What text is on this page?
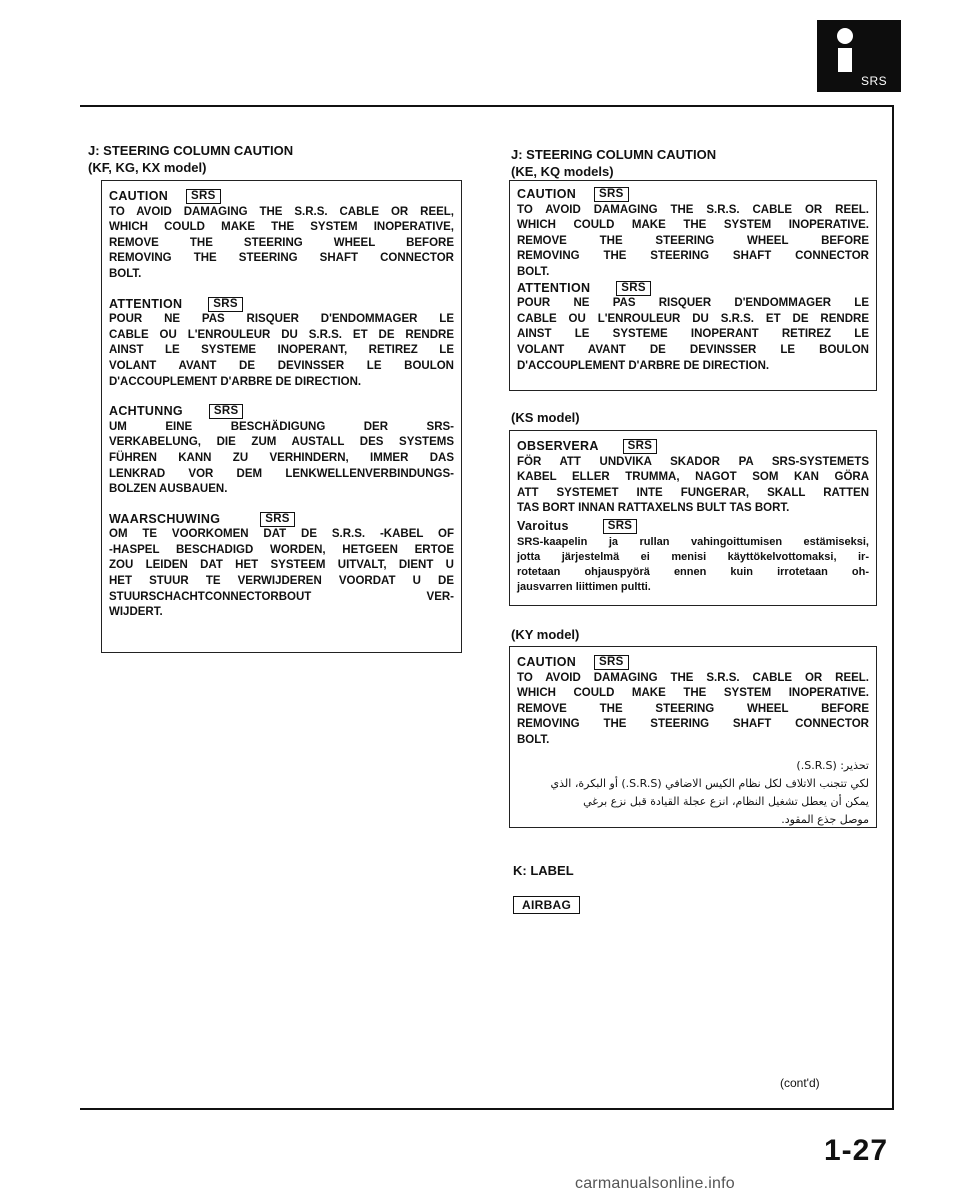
SRS
J: STEERING COLUMN CAUTION
(KF, KG, KX model)
CAUTION	SRS

TO AVOID DAMAGING THE S.R.S. CABLE OR REEL,

WHICH COULD MAKE THE SYSTEM INOPERATIVE,

REMOVE THE STEERING WHEEL BEFORE

REMOVING THE STEERING SHAFT CONNECTOR

BOLT.

ATTENTION	SRS

POUR NE PAS RISQUER D'ENDOMMAGER LE

CABLE OU L'ENROULEUR DU S.R.S. ET DE RENDRE

AINST LE SYSTEME INOPERANT, RETIREZ LE

VOLANT AVANT DE DEVINSSER LE BOULON

D'ACCOUPLEMENT D'ARBRE DE DIRECTION.

ACHTUNNG	SRS

UM EINE BESCHÄDIGUNG DER SRS-

VERKABELUNG, DIE ZUM AUSTALL DES SYSTEMS

FÜHREN KANN ZU VERHINDERN, IMMER DAS

LENKRAD VOR DEM LENKWELLENVERBINDUNGS-

BOLZEN AUSBAUEN.

WAARSCHUWING	SRS

OM TE VOORKOMEN DAT DE S.R.S. -KABEL OF

-HASPEL BESCHADIGD WORDEN, HETGEEN ERTOE

ZOU LEIDEN DAT HET SYSTEEM UITVALT, DIENT U

HET STUUR TE VERWIJDEREN VOORDAT U DE

STUURSCHACHTCONNECTORBOUT VER-

WIJDERT.

J: STEERING COLUMN CAUTION
(KE, KQ models)
CAUTION	SRS

TO AVOID DAMAGING THE S.R.S. CABLE OR REEL.

WHICH COULD MAKE THE SYSTEM INOPERATIVE.

REMOVE THE STEERING WHEEL BEFORE

REMOVING THE STEERING SHAFT CONNECTOR

BOLT.

ATTENTION	SRS

POUR NE PAS RISQUER D'ENDOMMAGER LE

CABLE OU L'ENROULEUR DU S.R.S. ET DE RENDRE

AINST LE SYSTEME INOPERANT RETIREZ LE

VOLANT AVANT DE DEVINSSER LE BOULON

D'ACCOUPLEMENT D'ARBRE DE DIRECTION.

(KS model)
OBSERVERA	SRS

FÖR ATT UNDVIKA SKADOR PA SRS-SYSTEMETS

KABEL ELLER TRUMMA, NAGOT SOM KAN GÖRA

ATT SYSTEMET INTE FUNGERAR, SKALL RATTEN

TAS BORT INNAN RATTAXELNS BULT TAS BORT.

Varoitus	SRS

SRS-kaapelin ja rullan vahingoittumisen estämiseksi,

jotta järjestelmä ei menisi käyttökelvottomaksi, ir-

rotetaan ohjauspyörä ennen kuin irrotetaan oh-

jausvarren liittimen pultti.

(KY model)
CAUTION	SRS

TO AVOID DAMAGING THE S.R.S. CABLE OR REEL.

WHICH COULD MAKE THE SYSTEM INOPERATIVE.

REMOVE THE STEERING WHEEL BEFORE

REMOVING THE STEERING SHAFT CONNECTOR

BOLT.

تحذير: (S.R.S.)
لكي تتجنب الاتلاف لكل نظام الكيس الاضافي (S.R.S.) أو البكرة، الذي
يمكن أن يعطل تشغيل النظام، انزع عجلة القيادة قبل نزع برغي
موصل جذع المقود.
K: LABEL
AIRBAG
(cont'd)
1-27
carmanualsonline.info
